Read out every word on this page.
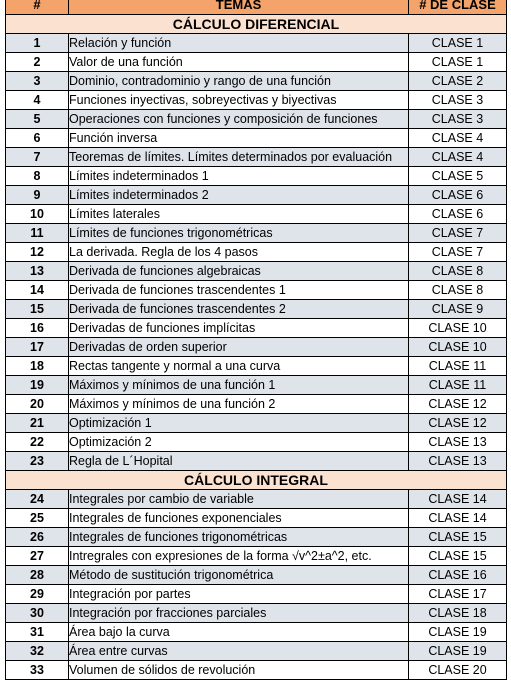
#	TEMAS	# DE CLASE
CÁLCULO DIFERENCIAL		
1	Relación y función	CLASE 1
2	Valor de una función	CLASE 1
3	Dominio, contradominio y rango de una función	CLASE 2
4	Funciones inyectivas, sobreyectivas y biyectivas	CLASE 3
5	Operaciones con funciones y composición de funciones	CLASE 3
6	Función inversa	CLASE 4
7	Teoremas de límites. Límites determinados por evaluación	CLASE 4
8	Límites indeterminados 1	CLASE 5
9	Límites indeterminados 2	CLASE 6
10	Límites laterales	CLASE 6
11	Límites de funciones trigonométricas	CLASE 7
12	La derivada. Regla de los 4 pasos	CLASE 7
13	Derivada de funciones algebraicas	CLASE 8
14	Derivada de funciones trascendentes 1	CLASE 8
15	Derivada de funciones trascendentes 2	CLASE 9
16	Derivadas de funciones implícitas	CLASE 10
17	Derivadas de orden superior	CLASE 10
18	Rectas tangente y normal a una curva	CLASE 11
19	Máximos y mínimos de una función 1	CLASE 11
20	Máximos y mínimos de una función 2	CLASE 12
21	Optimización 1	CLASE 12
22	Optimización 2	CLASE 13
23	Regla de L´Hopital	CLASE 13
CÁLCULO INTEGRAL		
24	Integrales por cambio de variable	CLASE 14
25	Integrales de funciones exponenciales	CLASE 14
26	Integrales de funciones trigonométricas	CLASE 15
27	Intregrales con expresiones de la forma √v^2±a^2, etc.	CLASE 15
28	Método de sustitución trigonométrica	CLASE 16
29	Integración por partes	CLASE 17
30	Integración por fracciones parciales	CLASE 18
31	Área bajo la curva	CLASE 19
32	Área entre curvas	CLASE 19
33	Volumen de sólidos de revolución	CLASE 20
